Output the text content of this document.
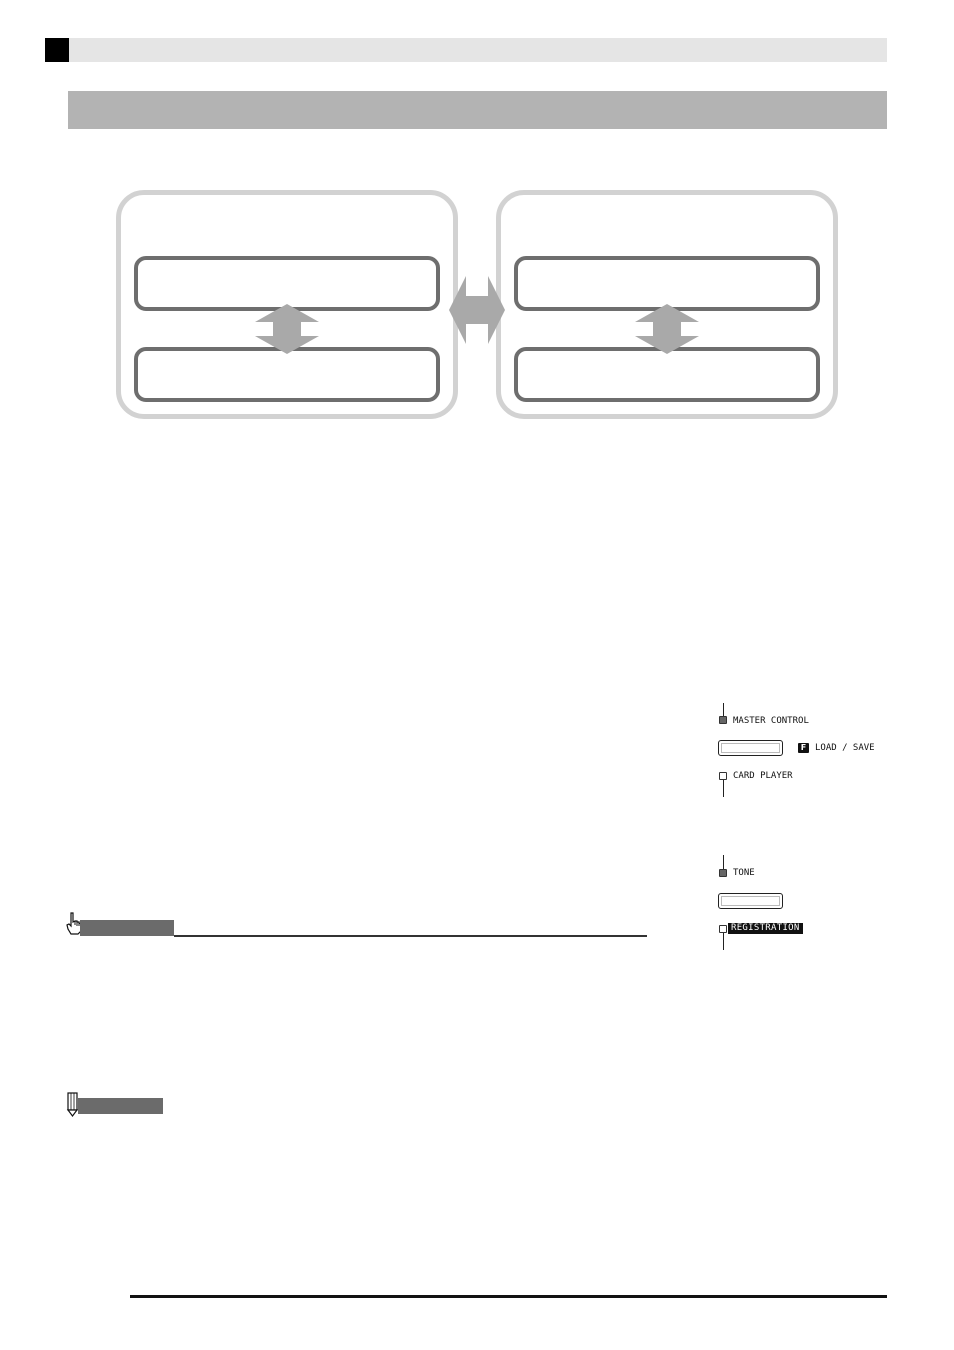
MASTER CONTROL
F LOAD / SAVE
CARD PLAYER
TONE
REGISTRATION
